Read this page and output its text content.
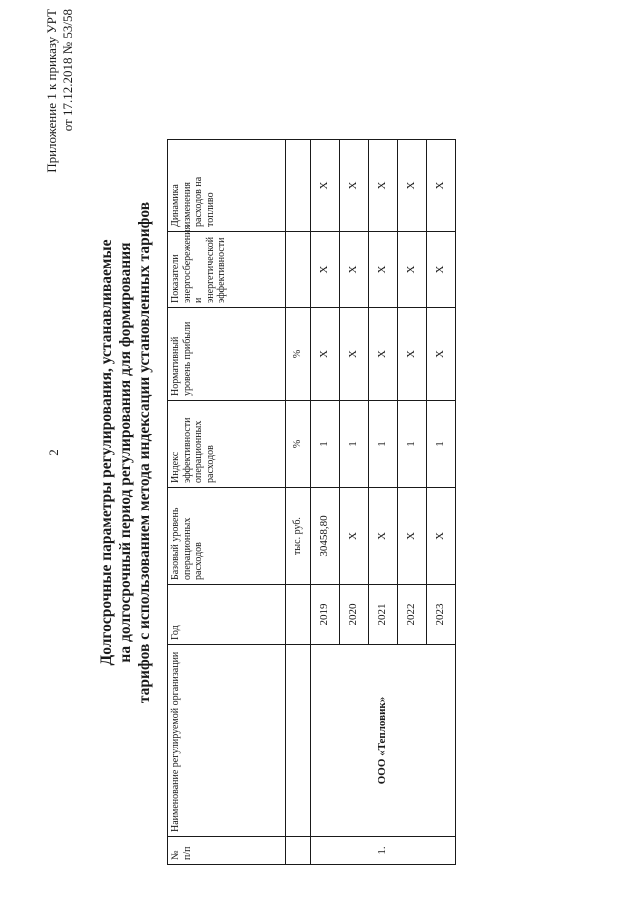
Приложение 1 к приказу УРТ от 17.12.2018 № 53/58
2 Долгосрочные параметры регулирования, устанавливаемые на долгосрочный период регулирования для формирования тарифов с использованием метода индексации установленных тарифов
№ п/п	Наименование регулируемой организации	Год	Базовый уровень операционных расходов	Индекс эффективности операционных расходов	Нормативный уровень прибыли	Показатели энергосбережения и энергетической эффективности	Динамика изменения расходов на топливо
			тыс. руб.	%	%		
1.	ООО «Тепловик»	2019	30458,80	1	Х	Х	Х
		2020	Х	1	Х	Х	Х
		2021	Х	1	Х	Х	Х
		2022	Х	1	Х	Х	Х
		2023	Х	1	Х	Х	Х
